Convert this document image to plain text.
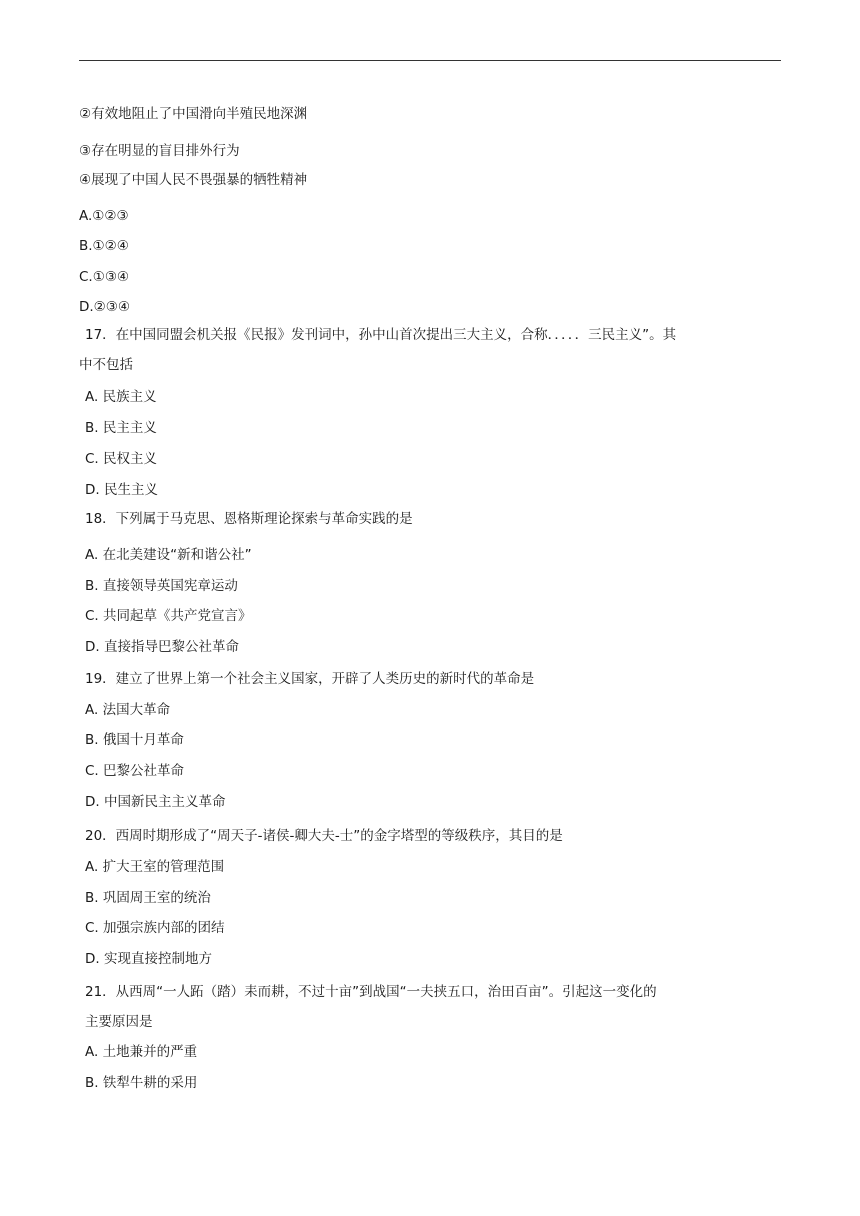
②有效地阻止了中国滑向半殖民地深渊
③存在明显的盲目排外行为
④展现了中国人民不畏强暴的牺牲精神
A.①②③
B.①②④
C.①③④
D.②③④
17．在中国同盟会机关报《民报》发刊词中，孙中山首次提出三大主义，合称．．．．．三民主义”。其
中不包括
A. 民族主义
B. 民主主义
C. 民权主义
D. 民生主义
18．下列属于马克思、恩格斯理论探索与革命实践的是
A. 在北美建设“新和谐公社”
B. 直接领导英国宪章运动
C. 共同起草《共产党宣言》
D. 直接指导巴黎公社革命
19．建立了世界上第一个社会主义国家，开辟了人类历史的新时代的革命是
A. 法国大革命
B. 俄国十月革命
C. 巴黎公社革命
D. 中国新民主主义革命
20．西周时期形成了“周天子-诸侯-卿大夫-士”的金字塔型的等级秩序，其目的是
A. 扩大王室的管理范围
B. 巩固周王室的统治
C. 加强宗族内部的团结
D. 实现直接控制地方
21．从西周“一人跖（踏）耒而耕，不过十亩”到战国“一夫挟五口，治田百亩”。引起这一变化的
主要原因是
A. 土地兼并的严重
B. 铁犁牛耕的采用
